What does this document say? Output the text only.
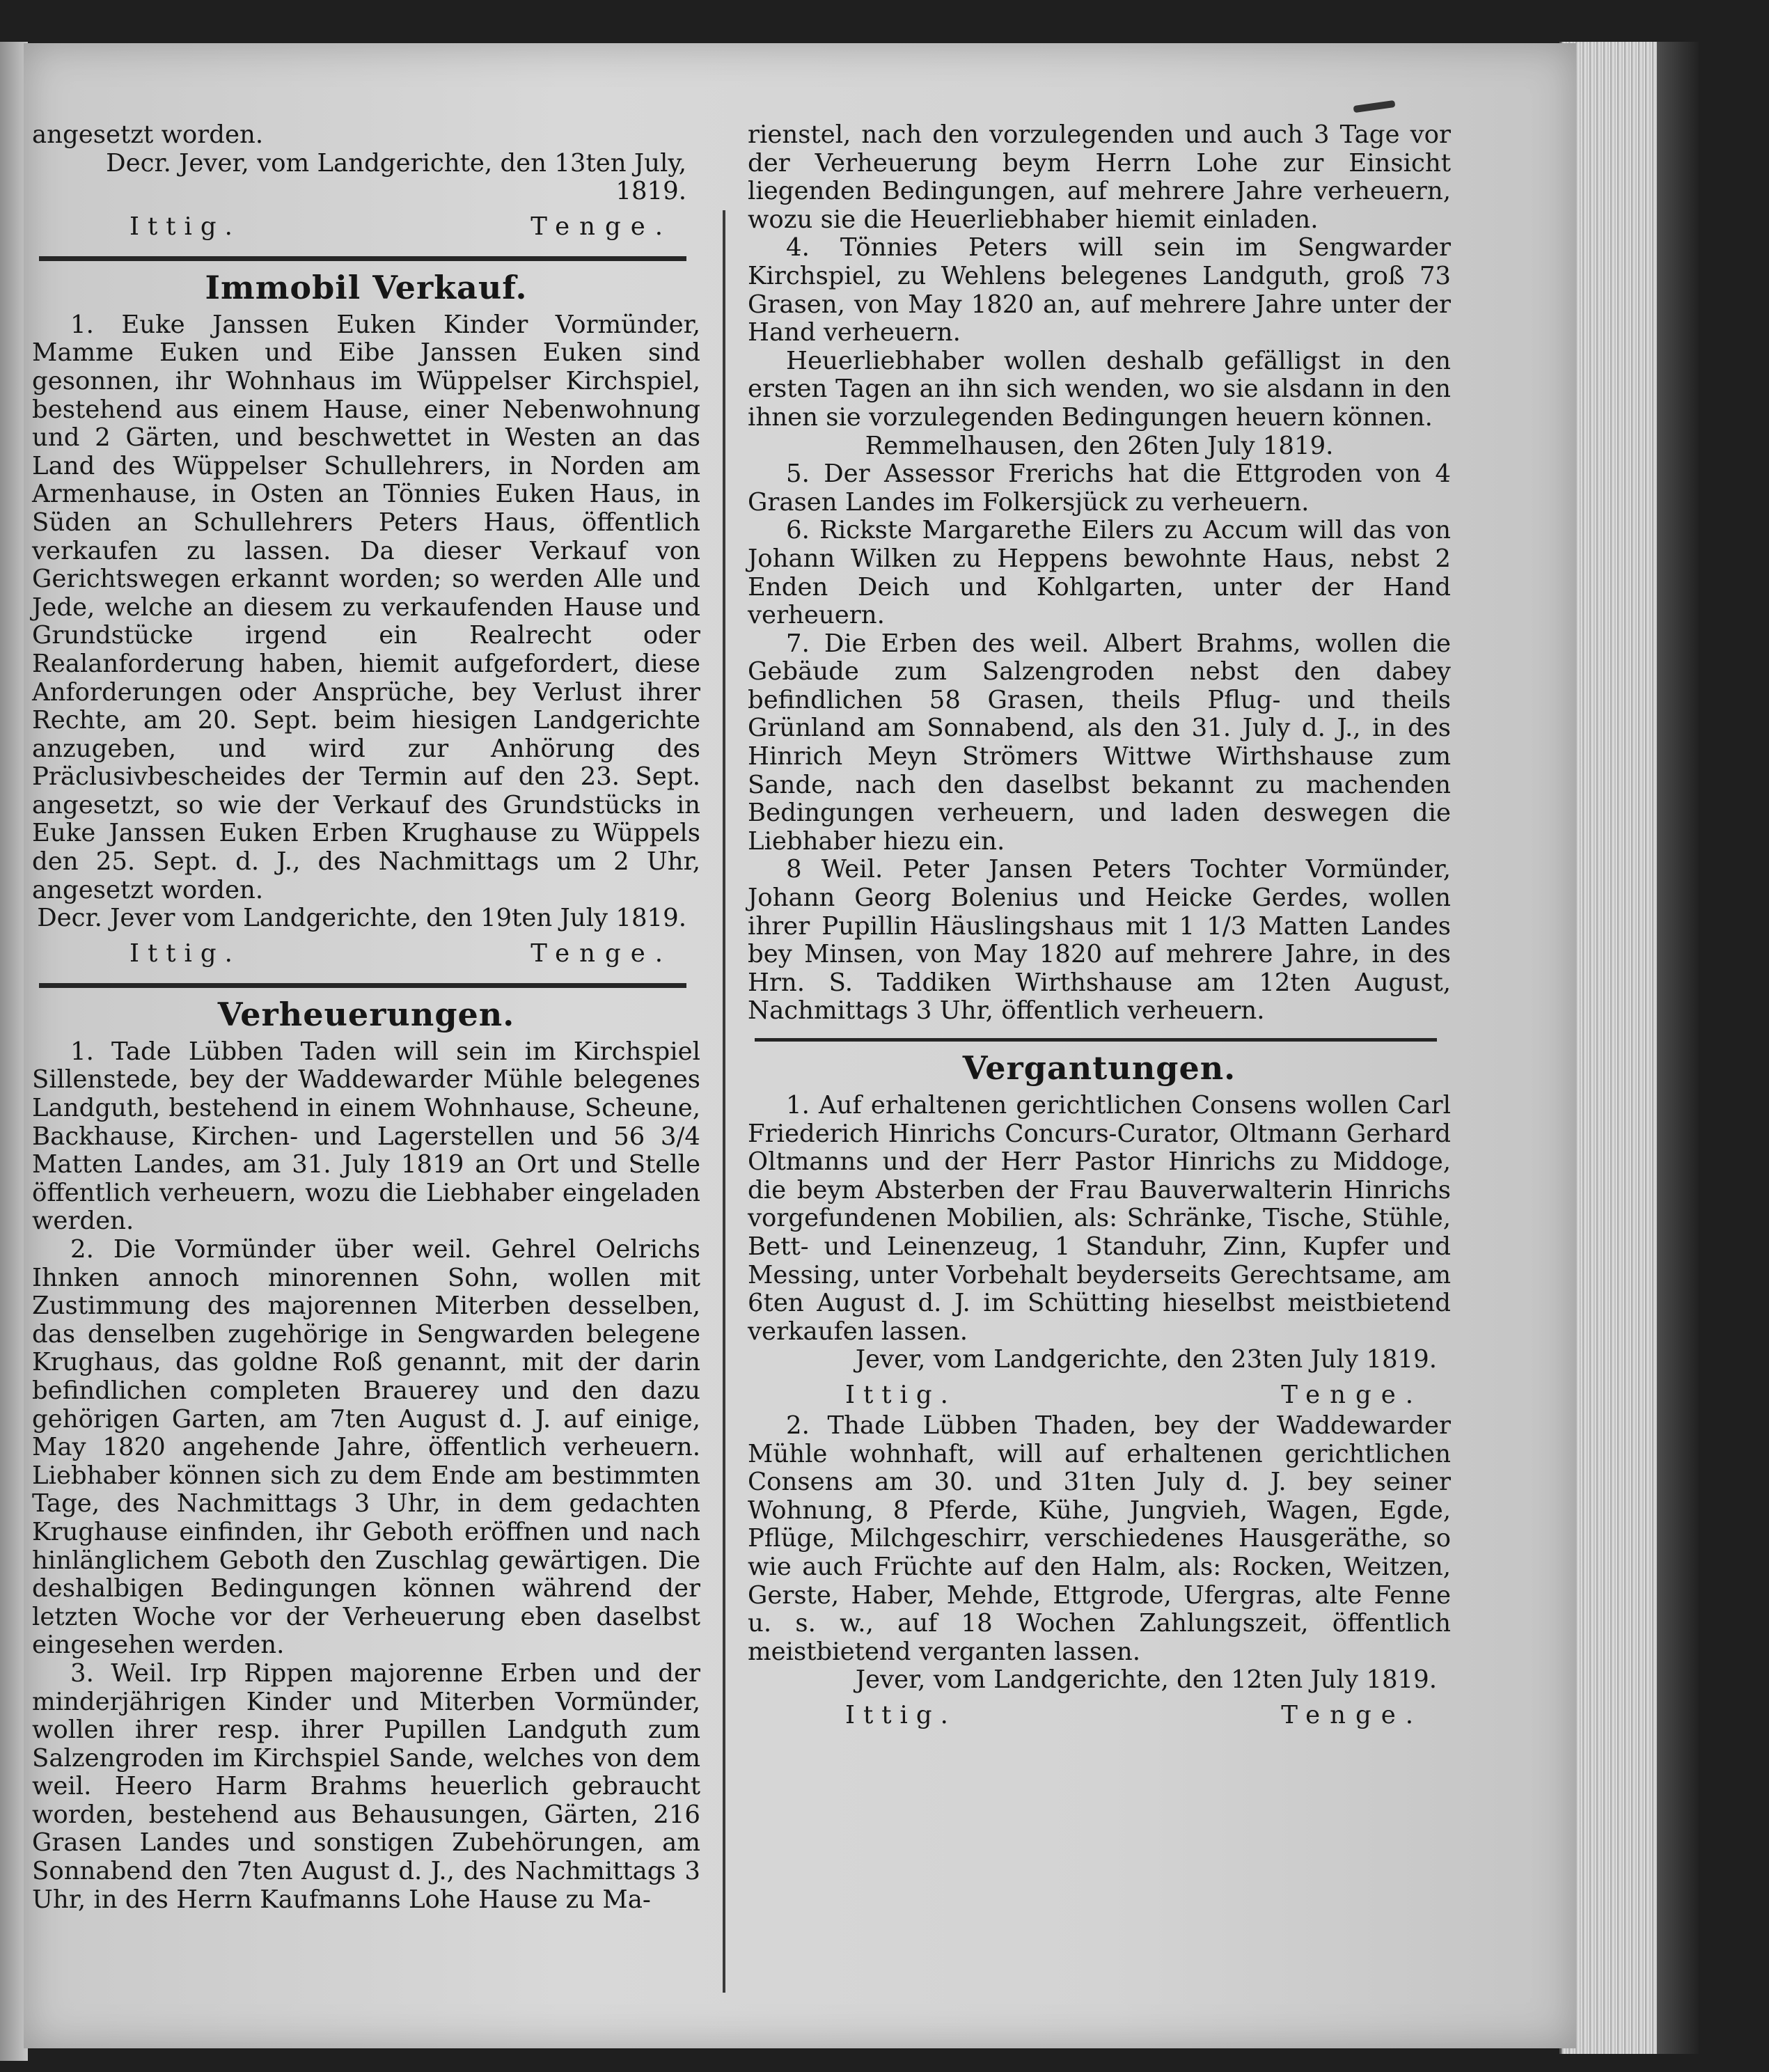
angesetzt worden.

Decr. Jever, vom Landgerichte, den 13ten July, 1819.

Ittig.	Tenge.
Immobil Verkauf.

1. Euke Janssen Euken Kinder Vormünder, Mamme Euken und Eibe Janssen Euken sind gesonnen, ihr Wohnhaus im Wüppelser Kirchspiel, bestehend aus einem Hause, einer Nebenwohnung und 2 Gärten, und beschwettet in Westen an das Land des Wüppelser Schullehrers, in Norden am Armenhause, in Osten an Tönnies Euken Haus, in Süden an Schullehrers Peters Haus, öffentlich verkaufen zu lassen. Da dieser Verkauf von Gerichtswegen erkannt worden; so werden Alle und Jede, welche an diesem zu verkaufenden Hause und Grundstücke irgend ein Realrecht oder Realanforderung haben, hiemit aufgefordert, diese Anforderungen oder Ansprüche, bey Verlust ihrer Rechte, am 20. Sept. beim hiesigen Landgerichte anzugeben, und wird zur Anhörung des Präclusivbescheides der Termin auf den 23. Sept. angesetzt, so wie der Verkauf des Grundstücks in Euke Janssen Euken Erben Krughause zu Wüppels den 25. Sept. d. J., des Nachmittags um 2 Uhr, angesetzt worden.

Decr. Jever vom Landgerichte, den 19ten July 1819.

Ittig.	Tenge.
Verheuerungen.

1. Tade Lübben Taden will sein im Kirchspiel Sillenstede, bey der Waddewarder Mühle belegenes Landguth, bestehend in einem Wohnhause, Scheune, Backhause, Kirchen- und Lagerstellen und 56 3/4 Matten Landes, am 31. July 1819 an Ort und Stelle öffentlich verheuern, wozu die Liebhaber eingeladen werden.

2. Die Vormünder über weil. Gehrel Oelrichs Ihnken annoch minorennen Sohn, wollen mit Zustimmung des majorennen Miterben desselben, das denselben zugehörige in Sengwarden belegene Krughaus, das goldne Roß genannt, mit der darin befindlichen completen Brauerey und den dazu gehörigen Garten, am 7ten August d. J. auf einige, May 1820 angehende Jahre, öffentlich verheuern. Liebhaber können sich zu dem Ende am bestimmten Tage, des Nachmittags 3 Uhr, in dem gedachten Krughause einfinden, ihr Geboth eröffnen und nach hinlänglichem Geboth den Zuschlag gewärtigen. Die deshalbigen Bedingungen können während der letzten Woche vor der Verheuerung eben daselbst eingesehen werden.

3. Weil. Irp Rippen majorenne Erben und der minderjährigen Kinder und Miterben Vormünder, wollen ihrer resp. ihrer Pupillen Landguth zum Salzengroden im Kirchspiel Sande, welches von dem weil. Heero Harm Brahms heuerlich gebraucht worden, bestehend aus Behausungen, Gärten, 216 Grasen Landes und sonstigen Zubehörungen, am Sonnabend den 7ten August d. J., des Nachmittags 3 Uhr, in des Herrn Kaufmanns Lohe Hause zu Ma-

rienstel, nach den vorzulegenden und auch 3 Tage vor der Verheuerung beym Herrn Lohe zur Einsicht liegenden Bedingungen, auf mehrere Jahre verheuern, wozu sie die Heuerliebhaber hiemit einladen.

4. Tönnies Peters will sein im Sengwarder Kirchspiel, zu Wehlens belegenes Landguth, groß 73 Grasen, von May 1820 an, auf mehrere Jahre unter der Hand verheuern.

Heuerliebhaber wollen deshalb gefälligst in den ersten Tagen an ihn sich wenden, wo sie alsdann in den ihnen sie vorzulegenden Bedingungen heuern können.

Remmelhausen, den 26ten July 1819.

5. Der Assessor Frerichs hat die Ettgroden von 4 Grasen Landes im Folkersjück zu verheuern.

6. Rickste Margarethe Eilers zu Accum will das von Johann Wilken zu Heppens bewohnte Haus, nebst 2 Enden Deich und Kohlgarten, unter der Hand verheuern.

7. Die Erben des weil. Albert Brahms, wollen die Gebäude zum Salzengroden nebst den dabey befindlichen 58 Grasen, theils Pflug- und theils Grünland am Sonnabend, als den 31. July d. J., in des Hinrich Meyn Strömers Wittwe Wirthshause zum Sande, nach den daselbst bekannt zu machenden Bedingungen verheuern, und laden deswegen die Liebhaber hiezu ein.

8 Weil. Peter Jansen Peters Tochter Vormünder, Johann Georg Bolenius und Heicke Gerdes, wollen ihrer Pupillin Häuslingshaus mit 1 1/3 Matten Landes bey Minsen, von May 1820 auf mehrere Jahre, in des Hrn. S. Taddiken Wirthshause am 12ten August, Nachmittags 3 Uhr, öffentlich verheuern.

Vergantungen.

1. Auf erhaltenen gerichtlichen Consens wollen Carl Friederich Hinrichs Concurs-Curator, Oltmann Gerhard Oltmanns und der Herr Pastor Hinrichs zu Middoge, die beym Absterben der Frau Bauverwalterin Hinrichs vorgefundenen Mobilien, als: Schränke, Tische, Stühle, Bett- und Leinenzeug, 1 Standuhr, Zinn, Kupfer und Messing, unter Vorbehalt beyderseits Gerechtsame, am 6ten August d. J. im Schütting hieselbst meistbietend verkaufen lassen.

Jever, vom Landgerichte, den 23ten July 1819.

Ittig.	Tenge.

2. Thade Lübben Thaden, bey der Waddewarder Mühle wohnhaft, will auf erhaltenen gerichtlichen Consens am 30. und 31ten July d. J. bey seiner Wohnung, 8 Pferde, Kühe, Jungvieh, Wagen, Egde, Pflüge, Milchgeschirr, verschiedenes Hausgeräthe, so wie auch Früchte auf den Halm, als: Rocken, Weitzen, Gerste, Haber, Mehde, Ettgrode, Ufergras, alte Fenne u. s. w., auf 18 Wochen Zahlungszeit, öffentlich meistbietend verganten lassen.

Jever, vom Landgerichte, den 12ten July 1819.

Ittig.	Tenge.
